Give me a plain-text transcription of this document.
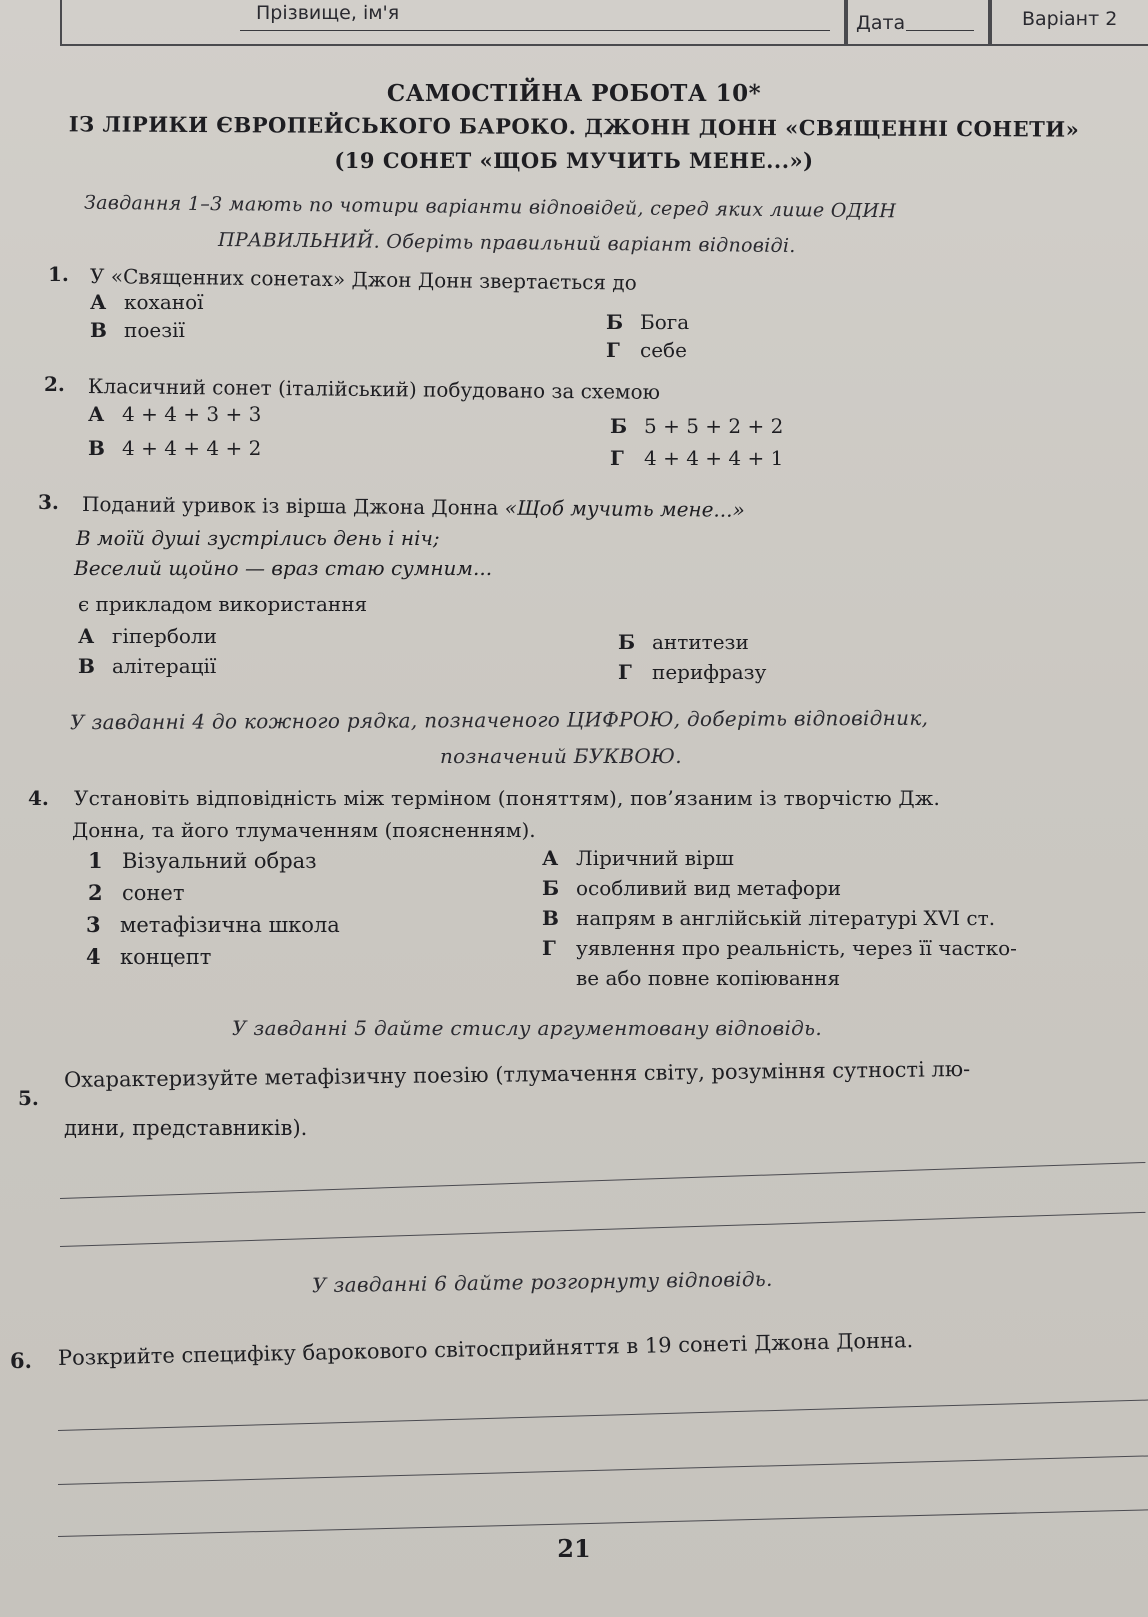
Прізвище, ім'я	Дата	Варіант 2
САМОСТІЙНА РОБОТА 10*
ІЗ ЛІРИКИ ЄВРОПЕЙСЬКОГО БАРОКО. ДЖОНН ДОНН «СВЯЩЕННІ СОНЕТИ»
(19 СОНЕТ «ЩОБ МУЧИТЬ МЕНЕ...»)
Завдання 1–3 мають по чотири варіанти відповідей, серед яких лише ОДИН
ПРАВИЛЬНИЙ. Оберіть правильний варіант відповіді.
1. У «Священних сонетах» Джон Донн звертається до
А коханої
В поезії	Б Бога
Г себе
2. Класичний сонет (італійський) побудовано за схемою
А 4 + 4 + 3 + 3
В 4 + 4 + 4 + 2
Б 5 + 5 + 2 + 2
Г 4 + 4 + 4 + 1
3. Поданий уривок із вірша Джона Донна «Щоб мучить мене...»
В моїй душі зустрілись день і ніч;
Веселий щойно — враз стаю сумним...
є прикладом використання
А гіперболи
В алітерації
Б антитези
Г перифразу
У завданні 4 до кожного рядка, позначеного ЦИФРОЮ, доберіть відповідник,
позначений БУКВОЮ.
4. Установіть відповідність між терміном (поняттям), пов’язаним із творчістю Дж.
Донна, та його тлумаченням (поясненням).
1 Візуальний образ
2 сонет
3 метафізична школа
4 концепт
А Ліричний вірш
Б особливий вид метафори
В напрям в англійській літературі XVI ст.
Г уявлення про реальність, через її частко-
ве або повне копіювання
У завданні 5 дайте стислу аргументовану відповідь.
5.
Охарактеризуйте метафізичну поезію (тлумачення світу, розуміння сутності лю-
дини, представників).
У завданні 6 дайте розгорнуту відповідь.
6. Розкрийте специфіку барокового світосприйняття в 19 сонеті Джона Донна.
21
